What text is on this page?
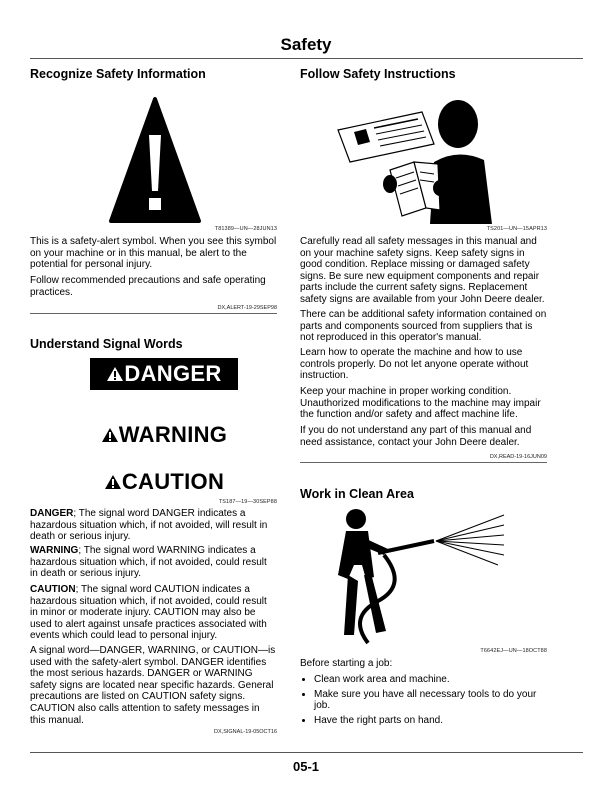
Safety
Recognize Safety Information
T81389—UN—28JUN13
This is a safety-alert symbol. When you see this symbol on your machine or in this manual, be alert to the potential for personal injury.
Follow recommended precautions and safe operating practices.
DX,ALERT-19-29SEP98
Understand Signal Words
DANGER
WARNING
CAUTION
TS187—19—30SEP88
DANGER; The signal word DANGER indicates a hazardous situation which, if not avoided, will result in death or serious injury.
WARNING; The signal word WARNING indicates a hazardous situation which, if not avoided, could result in death or serious injury.
CAUTION; The signal word CAUTION indicates a hazardous situation which, if not avoided, could result in minor or moderate injury. CAUTION may also be used to alert against unsafe practices associated with events which could lead to personal injury.
A signal word—DANGER, WARNING, or CAUTION—is used with the safety-alert symbol. DANGER identifies the most serious hazards. DANGER or WARNING safety signs are located near specific hazards. General precautions are listed on CAUTION safety signs. CAUTION also calls attention to safety messages in this manual.
DX,SIGNAL-19-05OCT16
Follow Safety Instructions
TS201—UN—15APR13
Carefully read all safety messages in this manual and on your machine safety signs. Keep safety signs in good condition. Replace missing or damaged safety signs. Be sure new equipment components and repair parts include the current safety signs. Replacement safety signs are available from your John Deere dealer.
There can be additional safety information contained on parts and components sourced from suppliers that is not reproduced in this operator's manual.
Learn how to operate the machine and how to use controls properly. Do not let anyone operate without instruction.
Keep your machine in proper working condition. Unauthorized modifications to the machine may impair the function and/or safety and affect machine life.
If you do not understand any part of this manual and need assistance, contact your John Deere dealer.
DX,READ-19-16JUN09
Work in Clean Area
T6642EJ—UN—18OCT88
Before starting a job:
• Clean work area and machine.
• Make sure you have all necessary tools to do your job.
• Have the right parts on hand.
05-1
